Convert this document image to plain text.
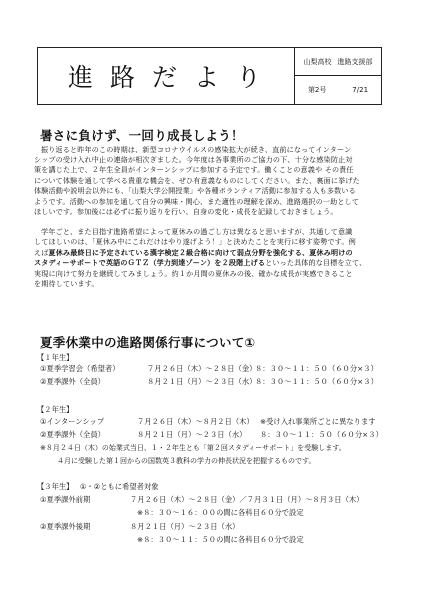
進路だより
山梨高校 進路支援部
第2号	7/21
暑さに負けず、一回り成長しよう！
振り返ると昨年のこの時期は、新型コロナウイルスの感染拡大が続き、直前になってインターン
シップの受け入れ中止の連絡が相次ぎました。今年度は各事業所のご協力の下、十分な感染防止対
策を講じた上で、２年生全員がインターンシップに参加する予定です。働くことの意義や その責任
について体験を通して学べる貴重な機会を、ぜひ有意義なものにしてください。また、裏面に挙げた
体験活動や説明会以外にも、「山梨大学公開授業」や各種ボランティア活動に参加する人も多数いる
ようです。活動への参加を通して自分の興味・関心、また適性の理解を深め、進路選択の一助として
ほしいです。参加後には必ずに振り返りを行い、自身の変化・成長を記録しておきましょう。
学年ごと、また目指す進路希望によって夏休みの過ごし方は異なると思いますが、共通して意識
してほしいのは、「夏休み中にこれだけはやり遂げよう！」と決めたことを実行に移す姿勢です。例
えば夏休み最終日に予定されている漢字検定２級合格に向けて弱点分野を強化する、夏休み明けの
スタディーサポートで英語のＧＴＺ（学力到達ゾーン）を２段階上げるといった具体的な目標を立て、
実現に向けて努力を継続してみましょう。約１か月間の夏休みの後、確かな成長が実感できること
を期待しています。
夏季休業中の進路関係行事について①
【１年生】
①夏季学習会（希望者）	７月２６日（木）～２８日（金）
８：３０～１１：５０（６０分×３）
②夏季課外（全員）	８月２１日（月）～２３日（水）
８：３０～１１：５０（６０分×３）
【２年生】
①インターンシップ	７月２６日（木）～８月２日（木） ※受け入れ事業所ごとに異なります
②夏季課外（全員）	８月２１日（月）～２３日（水） ８：３０～１１：５０（６０分×３）
※８月２４日（木）の始業式当日、１・２年生とも「第２回スタディーサポート」を受験します。
４月に受験した第１回からの国数英３教科の学力の伸長状況を把握するものです。
【３年生】 ①・②ともに希望者対象
①夏季課外前期	７月２６日（木）～２８日（金）／７月３１日（月）～８月３日（木）
※８：３０～１６：００の間に各科目６０分で設定
②夏季課外後期	８月２１日（月）～２３日（水）
※８：３０～１１：５０の間に各科目６０分で設定
